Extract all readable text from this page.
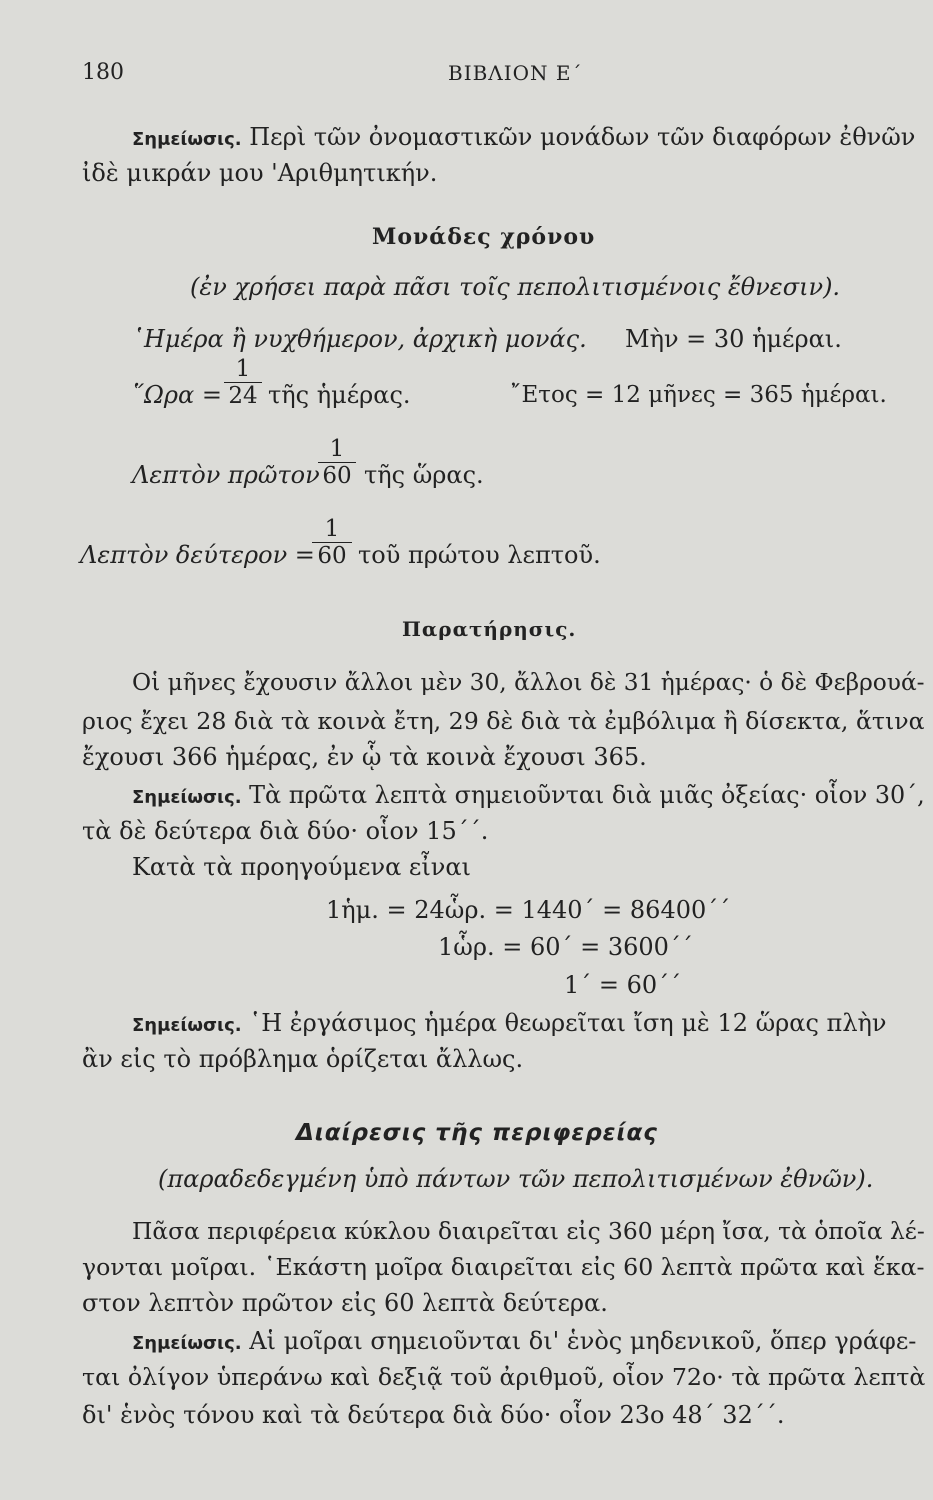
180	ΒΙΒΛΙΟΝ Ε΄
Σημείωσις. Περὶ τῶν ὀνομαστικῶν μονάδων τῶν διαφόρων ἐθνῶν
ἰδὲ μικράν μου 'Αριθμητικήν.
Μονάδες χρόνου
(ἐν χρήσει παρὰ πᾶσι τοῖς πεπολιτισμένοις ἔθνεσιν).
῾Ημέρα ἢ νυχθήμερον, ἀρχικὴ μονάς. Μὴν = 30 ἡμέραι.
῞Ωρα =
1
24 τῆς ἡμέρας.	῎Ετος = 12 μῆνες = 365 ἡμέραι.
Λεπτὸν πρῶτον
1
60 τῆς ὥρας.
Λεπτὸν δεύτερον =
1
60 τοῦ πρώτου λεπτοῦ.
Παρατήρησις.
Οἱ μῆνες ἔχουσιν ἄλλοι μὲν 30, ἄλλοι δὲ 31 ἡμέρας· ὁ δὲ Φεβρουά-
ριος ἔχει 28 διὰ τὰ κοινὰ ἔτη, 29 δὲ διὰ τὰ ἐμβόλιμα ἢ δίσεκτα, ἅτινα
ἔχουσι 366 ἡμέρας, ἐν ᾧ τὰ κοινὰ ἔχουσι 365.
Σημείωσις. Τὰ πρῶτα λεπτὰ σημειοῦνται διὰ μιᾶς ὀξείας· οἷον 30΄,
τὰ δὲ δεύτερα διὰ δύο· οἷον 15΄΄.
Κατὰ τὰ προηγούμενα εἶναι
1ἡμ. = 24ὧρ. = 1440΄ = 86400΄΄
1ὧρ. = 60΄ = 3600΄΄
1΄ = 60΄΄
Σημείωσις. ῾Η ἐργάσιμος ἡμέρα θεωρεῖται ἴση μὲ 12 ὥρας πλὴν
ἂν εἰς τὸ πρόβλημα ὁρίζεται ἄλλως.
Διαίρεσις τῆς περιφερείας
(παραδεδεγμένη ὑπὸ πάντων τῶν πεπολιτισμένων ἐθνῶν).
Πᾶσα περιφέρεια κύκλου διαιρεῖται εἰς 360 μέρη ἴσα, τὰ ὁποῖα λέ-
γονται μοῖραι. ῾Εκάστη μοῖρα διαιρεῖται εἰς 60 λεπτὰ πρῶτα καὶ ἕκα-
στον λεπτὸν πρῶτον εἰς 60 λεπτὰ δεύτερα.
Σημείωσις. Αἱ μοῖραι σημειοῦνται δι' ἑνὸς μηδενικοῦ, ὅπερ γράφε-
ται ὀλίγον ὑπεράνω καὶ δεξιᾷ τοῦ ἀριθμοῦ, οἷον 72ο· τὰ πρῶτα λεπτὰ
δι' ἑνὸς τόνου καὶ τὰ δεύτερα διὰ δύο· οἷον 23ο 48΄ 32΄΄.
